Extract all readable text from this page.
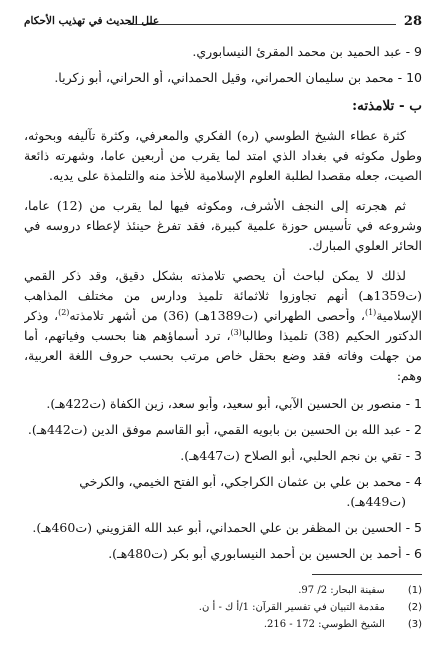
28
علل الحديث في تهذيب الأحكام
9 - عبد الحميد بن محمد المقرئ النيسابوري.
10 - محمد بن سليمان الحمراني، وقيل الحمداني، أو الحراني، أبو زكريا.
ب - تلامذته:
كثرة عطاء الشيخ الطوسي (ره) الفكري والمعرفي، وكثرة تآليفه وبحوثه،
وطول مكوثه في بغداد الذي امتد لما يقرب من أربعين عاما، وشهرته ذائعة
الصيت، جعله مقصدا لطلبة العلوم الإسلامية للأخذ منه والتلمذة على يديه.
ثم هجرته إلى النجف الأشرف، ومكوثه فيها لما يقرب من (12) عاما،
وشروعه في تأسيس حوزة علمية كبيرة، فقد تفرغ حينئذ لإعطاء دروسه في
الحائر العلوي المبارك.
لذلك لا يمكن لباحث أن يحصي تلامذته بشكل دقيق، وقد ذكر القمي
(ت1359هـ) أنهم تجاوزوا ثلاثمائة تلميذ ودارس من مختلف المذاهب
الإسلامية$^{(1)}$، وأحصى الطهراني (ت1389هـ) (36) من أشهر تلامذته$^{(2)}$، وذكر
الدكتور الحكيم (38) تلميذا وطالبا$^{(3)}$، ترد أسماؤهم هنا بحسب وفياتهم، أما
من جهلت وفاته فقد وضع بحقل خاص مرتب بحسب حروف اللغة العربية،
وهم:
1 - منصور بن الحسين الآبي، أبو سعيد، وأبو سعد، زين الكفاة (ت422هـ).
2 - عبد الله بن الحسين بن بابويه القمي، أبو القاسم موفق الدين (ت442هـ).
3 - تقي بن نجم الحلبي، أبو الصلاح (ت447هـ).
4 - محمد بن علي بن عثمان الكراجكي، أبو الفتح الخيمي، والكرخي
(ت449هـ).
5 - الحسين بن المظفر بن علي الحمداني، أبو عبد الله القزويني (ت460هـ).
6 - أحمد بن الحسين بن أحمد النيسابوري أبو بكر (ت480هـ).
(1) سفينة البحار: 2/ 97.
(2) مقدمة التبيان في تفسير القرآن: 1/أ ك - أ ن.
(3) الشيخ الطوسي: 172 - 216.
